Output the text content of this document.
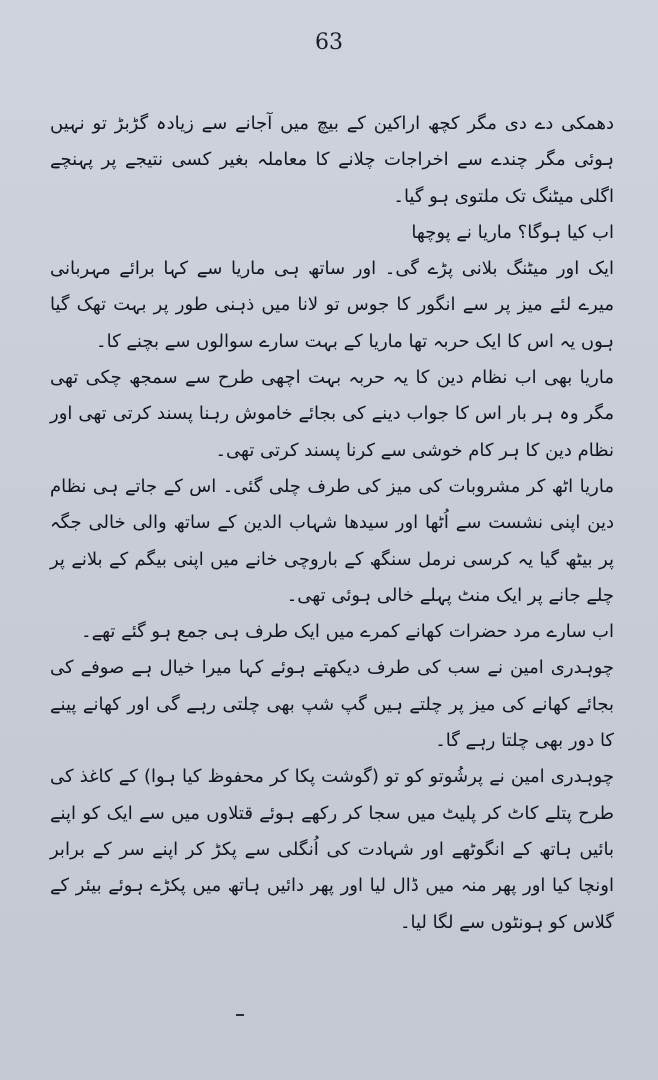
63

دھمکی دے دی مگر کچھ اراکین کے بیچ میں آجانے سے زیادہ گڑبڑ تو نہیں ہوئی مگر چندے سے اخراجات چلانے کا معاملہ بغیر کسی نتیجے پر پہنچے اگلی میٹنگ تک ملتوی ہو گیا۔

اب کیا ہوگا؟ ماریا نے پوچھا

ایک اور میٹنگ بلانی پڑے گی۔ اور ساتھ ہی ماریا سے کہا برائے مہربانی میرے لئے میز پر سے انگور کا جوس تو لانا میں ذہنی طور پر بہت تھک گیا ہوں یہ اس کا ایک حربہ تھا ماریا کے بہت سارے سوالوں سے بچنے کا۔

ماریا بھی اب نظام دین کا یہ حربہ بہت اچھی طرح سے سمجھ چکی تھی مگر وہ ہر بار اس کا جواب دینے کی بجائے خاموش رہنا پسند کرتی تھی اور نظام دین کا ہر کام خوشی سے کرنا پسند کرتی تھی۔

ماریا اٹھ کر مشروبات کی میز کی طرف چلی گئی۔ اس کے جاتے ہی نظام دین اپنی نشست سے اُٹھا اور سیدھا شہاب الدین کے ساتھ والی خالی جگہ پر بیٹھ گیا یہ کرسی نرمل سنگھ کے باروچی خانے میں اپنی بیگم کے بلانے پر چلے جانے پر ایک منٹ پہلے خالی ہوئی تھی۔

اب سارے مرد حضرات کھانے کمرے میں ایک طرف ہی جمع ہو گئے تھے۔

چوہدری امین نے سب کی طرف دیکھتے ہوئے کہا میرا خیال ہے صوفے کی بجائے کھانے کی میز پر چلتے ہیں گپ شپ بھی چلتی رہے گی اور کھانے پینے کا دور بھی چلتا رہے گا۔

چوہدری امین نے پرشُوتو کو تو (گوشت پکا کر محفوظ کیا ہوا) کے کاغذ کی طرح پتلے کاٹ کر پلیٹ میں سجا کر رکھے ہوئے قتلاوں میں سے ایک کو اپنے بائیں ہاتھ کے انگوٹھے اور شہادت کی اُنگلی سے پکڑ کر اپنے سر کے برابر اونچا کیا اور پھر منہ میں ڈال لیا اور پھر دائیں ہاتھ میں پکڑے ہوئے بیئر کے گلاس کو ہونٹوں سے لگا لیا۔
